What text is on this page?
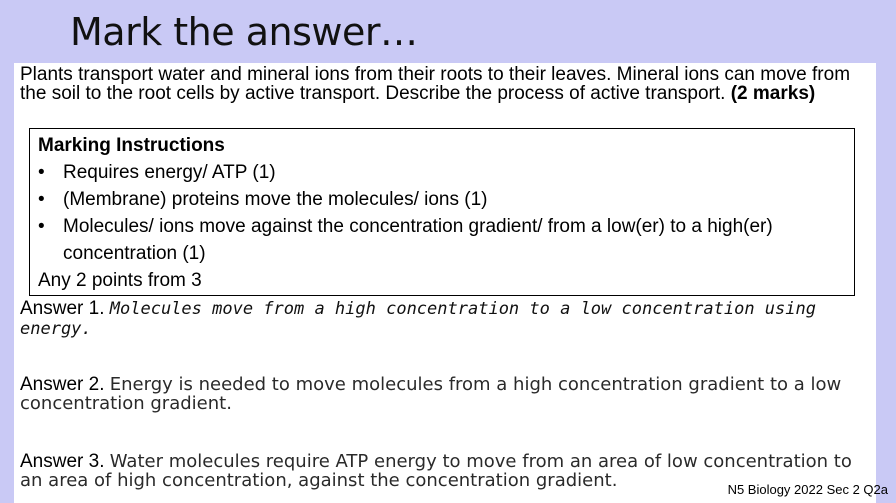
Mark the answer…
Plants transport water and mineral ions from their roots to their leaves. Mineral ions can move from the soil to the root cells by active transport. Describe the process of active transport. (2 marks)
Marking Instructions
• Requires energy/ ATP (1)
• (Membrane) proteins move the molecules/ ions (1)
• Molecules/ ions move against the concentration gradient/ from a low(er) to a high(er) concentration (1)
Any 2 points from 3
Answer 1. Molecules move from a high concentration to a low concentration using energy.
Answer 2. Energy is needed to move molecules from a high concentration gradient to a low concentration gradient.
Answer 3. Water molecules require ATP energy to move from an area of low concentration to an area of high concentration, against the concentration gradient.	N5 Biology 2022 Sec 2 Q2a
